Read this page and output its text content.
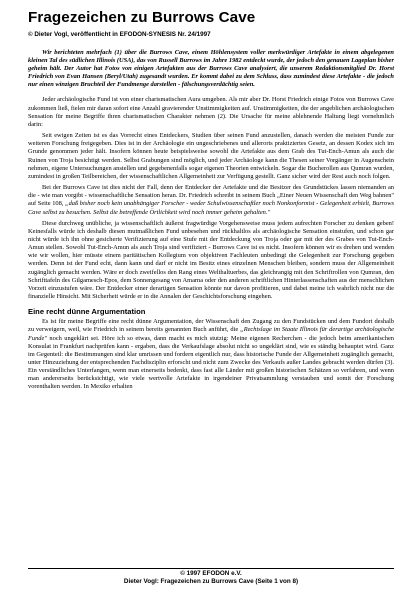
Fragezeichen zu Burrows Cave
© Dieter Vogl, veröffentlicht in EFODON-SYNESIS Nr. 24/1997
Wir berichteten mehrfach (1) über die Burrows Cave, einem Höhlensystem voller merkwürdiger Artefakte in einem abgelegenen kleinen Tal des südlichen Illinois (USA), das von Russell Burrows im Jahre 1982 entdeckt wurde, der jedoch den genauen Lageplan bisher geheim hält. Der Autor hat Fotos von einigen Artefakten aus der Burrows Cave analysiert, die unserem Redaktionsmitglied Dr. Horst Friedrich von Evan Hansen (Beryl/Utah) zugesandt wurden. Er kommt dabei zu dem Schluss, dass zumindest diese Artefakte - die jedoch nur einen winzigen Bruchteil der Fundmenge darstellen - fälschungsverdächtig seien.

Jeder archäologische Fund ist von einer charismatischen Aura umgeben. Als mir aber Dr. Horst Friedrich einige Fotos von Burrows Cave zukommen ließ, fielen mir daran sofort eine Anzahl gravierender Unstimmigkeiten auf. Unstimmigkeiten, die der angeblichen archäologischen Sensation für meine Begriffe ihren charismatischen Charakter nehmen (2). Die Ursache für meine ablehnende Haltung liegt vornehmlich darin:

Seit ewigen Zeiten ist es das Vorrecht eines Entdeckers, Studien über seinen Fund anzustellen, danach werden die meisten Funde zur weiteren Forschung freigegeben. Dies ist in der Archäologie ein ungeschriebenes und allerorts praktiziertes Gesetz, an dessen Kodex sich im Grunde genommen jeder hält. Insofern können heute beispielsweise sowohl die Artefakte aus dem Grab des Tut-Ench-Amun als auch die Ruinen von Troja besichtigt werden. Selbst Grabungen sind möglich, und jeder Archäologe kann die Thesen seiner Vorgänger in Augenschein nehmen, eigene Untersuchungen anstellen und gegebenenfalls sogar eigenen Theorien entwickeln. Sogar die Bucherollen aus Qumran wurden, zumindest in großen Teilbereichen, der wissenschaftlichen Allgemeinheit zur Verfügung gestellt. Ganz sicher wird der Rest auch noch folgen.

Bei der Burrows Cave ist dies nicht der Fall, denn der Entdecker der Artefakte und die Besitzer des Grundstückes lassen niemanden an die - wie man vorgibt - wissenschaftliche Sensation heran. Dr. Friedrich schreibt in seinem Buch „Einer Neuen Wissenschaft den Weg bahnen" auf Seite 108, „daß bisher noch kein unabhängiger Forscher - weder Schulwissenschaftler noch Nonkonformist - Gelegenheit erhielt, Burrows Cave selbst zu besuchen. Selbst die betreffende Örtlichkeit wird noch immer geheim gehalten."

Diese durchweg unübliche, ja wissenschaftlich äußerst fragwürdige Vorgehensweise muss jedem aufrechten Forscher zu denken geben! Keinesfalls würde ich deshalb diesen mutmaßlichen Fund unbesehen und rückhaltlos als archäologische Sensation einstufen, und schon gar nicht würde ich ihn ohne gesicherte Verifizierung auf eine Stufe mit der Entdeckung von Troja oder gar mit der des Grabes von Tut-Ench-Amun stellen. Sowohl Tut-Ench-Amun als auch Troja sind verifiziert - Burrows Cave ist es nicht. Insofern können wir es drehen und wenden wie wir wollen, hier müsste einem paritätischen Kollegium von objektiven Fachleuten unbedingt die Gelegenheit zur Forschung gegeben werden. Denn ist der Fund echt, dann kann und darf er nicht im Besitz eines einzelnen Menschen bleiben, sondern muss der Allgemeinheit zugänglich gemacht werden. Wäre er doch zweifellos den Rang eines Welthaltuerbes, das gleichrangig mit den Schriftrollen von Qumran, den Schrifttafeln des Gilgamesch-Epos, dem Sonnengesang von Amarna oder den anderen schriftlichen Hinterlassenschaften aus der menschlichen Vorzeit einzustufen wäre. Der Entdecker einer derartigen Sensation könnte nur davon profitieren, und dabei meine ich wahrlich nicht nur die finanzielle Hinsicht. Mit Sicherheit würde er in die Annalen der Geschichtsforschung eingehen.

Eine recht dünne Argumentation

Es ist für meine Begriffe eine recht dünne Argumentation, der Wissenschaft den Zugang zu den Fundstücken und dem Fundort deshalb zu verweigern, weil, wie Friedrich in seinem bereits genannten Buch anführt, die „Rechtslage im Staate Illinois für derartige archäologische Funde" noch ungeklärt sei. Höre ich so etwas, dann macht es mich stutzig: Meine eigenen Recherchen - die jedoch beim amerikanischen Konsulat in Frankfurt nachprüfen kann - ergaben, dass die Verkaufslage absolut nicht so ungeklärt sind, wie es ständig behauptet wird. Ganz im Gegenteil: die Bestimmungen sind klar umrissen und fordern eigentlich nur, dass historische Funde der Allgemeinheit zugänglich gemacht, unter Hinzuziehung der entsprechenden Fachdisziplin erforscht und nicht zum Zwecke des Verkaufs außer Landes gebracht werden dürfen (3). Ein verständliches Unterfangen, wenn man einerseits bedenkt, dass fast alle Länder mit großen historischen Schätzen so verfahren, und wenn man andererseits berücksichtigt, wie viele wertvolle Artefakte in irgendeiner Privatsammlung verstauben und somit der Forschung vorenthalten werden. In Mexiko erhalten

© 1997 EFODON e.V.
Dieter Vogl: Fragezeichen zu Burrows Cave (Seite 1 von 8)
